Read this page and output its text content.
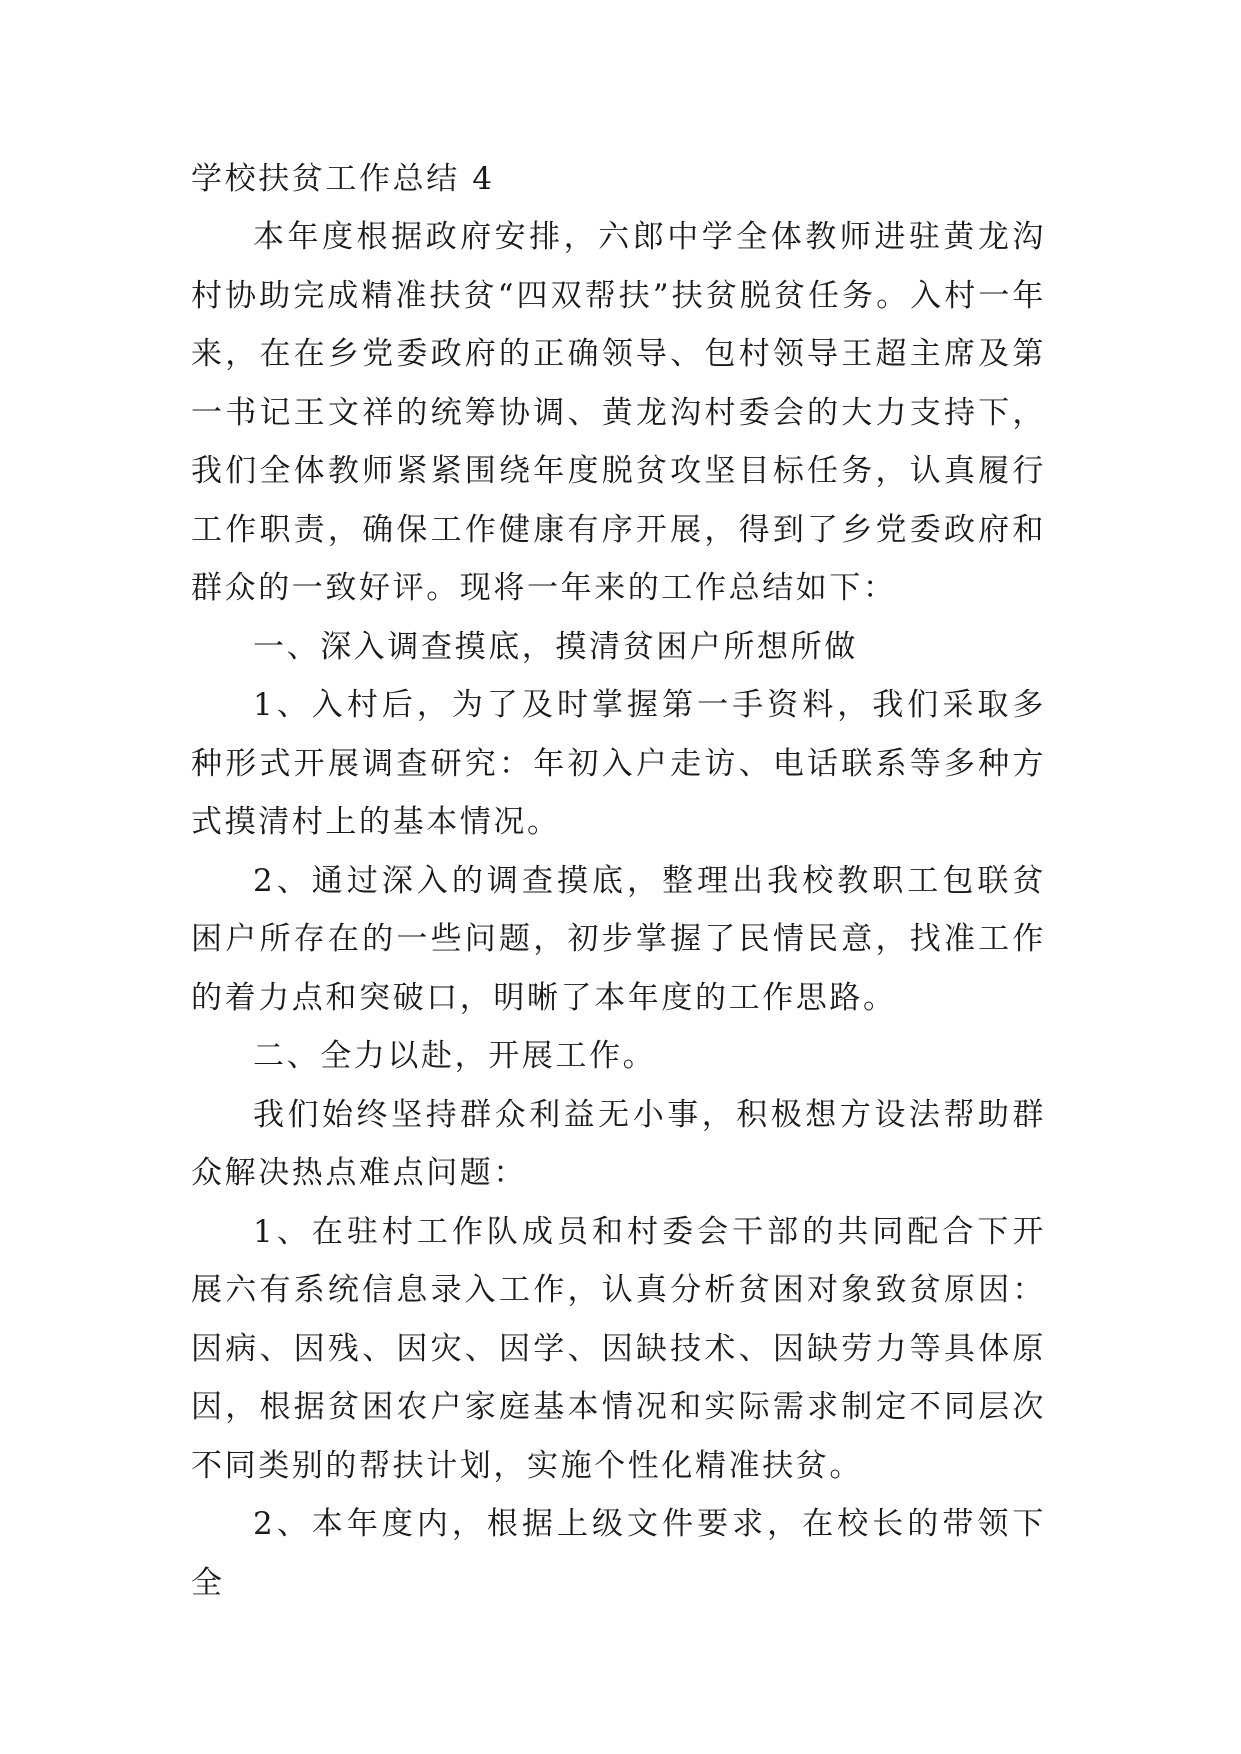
学校扶贫工作总结 4

本年度根据政府安排，六郎中学全体教师进驻黄龙沟村协助完成精准扶贫“四双帮扶”扶贫脱贫任务。入村一年来，在在乡党委政府的正确领导、包村领导王超主席及第一书记王文祥的统筹协调、黄龙沟村委会的大力支持下，我们全体教师紧紧围绕年度脱贫攻坚目标任务，认真履行工作职责，确保工作健康有序开展，得到了乡党委政府和群众的一致好评。现将一年来的工作总结如下：

一、深入调查摸底，摸清贫困户所想所做

1、入村后，为了及时掌握第一手资料，我们采取多种形式开展调查研究：年初入户走访、电话联系等多种方式摸清村上的基本情况。

2、通过深入的调查摸底，整理出我校教职工包联贫困户所存在的一些问题，初步掌握了民情民意，找准工作的着力点和突破口，明晰了本年度的工作思路。

二、全力以赴，开展工作。

我们始终坚持群众利益无小事，积极想方设法帮助群众解决热点难点问题：

1、在驻村工作队成员和村委会干部的共同配合下开展六有系统信息录入工作，认真分析贫困对象致贫原因：因病、因残、因灾、因学、因缺技术、因缺劳力等具体原因，根据贫困农户家庭基本情况和实际需求制定不同层次不同类别的帮扶计划，实施个性化精准扶贫。

2、本年度内，根据上级文件要求，在校长的带领下全
